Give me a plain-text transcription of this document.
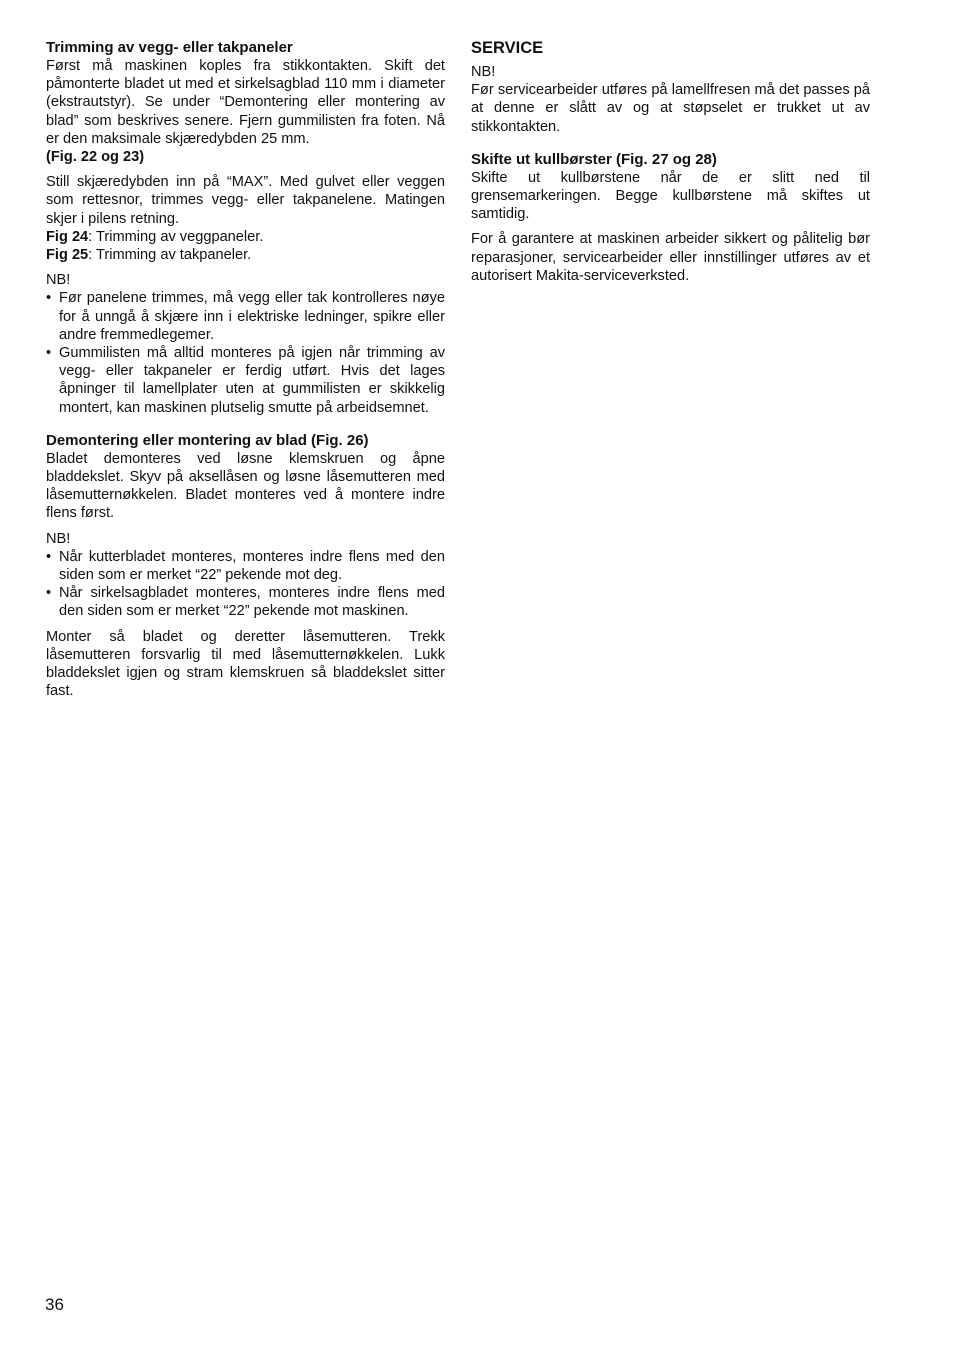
Trimming av vegg- eller takpaneler

Først må maskinen koples fra stikkontakten. Skift det påmonterte bladet ut med et sirkelsagblad 110 mm i diameter (ekstrautstyr). Se under “Demontering eller montering av blad” som beskrives senere. Fjern gummilisten fra foten. Nå er den maksimale skjæredybden 25 mm.
(Fig. 22 og 23)

Still skjæredybden inn på “MAX”. Med gulvet eller veggen som rettesnor, trimmes vegg- eller takpanelene. Matingen skjer i pilens retning.

Fig 24: Trimming av veggpaneler.

Fig 25: Trimming av takpaneler.

NB!

• Før panelene trimmes, må vegg eller tak kontrolleres nøye for å unngå å skjære inn i elektriske ledninger, spikre eller andre fremmedlegemer.
• Gummilisten må alltid monteres på igjen når trimming av vegg- eller takpaneler er ferdig utført. Hvis det lages åpninger til lamellplater uten at gummilisten er skikkelig montert, kan maskinen plutselig smutte på arbeidsemnet.

Demontering eller montering av blad (Fig. 26)

Bladet demonteres ved løsne klemskruen og åpne bladdekslet. Skyv på aksellåsen og løsne låsemutteren med låsemutternøkkelen. Bladet monteres ved å montere indre flens først.

NB!

• Når kutterbladet monteres, monteres indre flens med den siden som er merket “22” pekende mot deg.
• Når sirkelsagbladet monteres, monteres indre flens med den siden som er merket “22” pekende mot maskinen.

Monter så bladet og deretter låsemutteren. Trekk låsemutteren forsvarlig til med låsemutternøkkelen. Lukk bladdekslet igjen og stram klemskruen så bladdekslet sitter fast.

SERVICE

NB!

Før servicearbeider utføres på lamellfresen må det passes på at denne er slått av og at støpselet er trukket ut av stikkontakten.

Skifte ut kullbørster (Fig. 27 og 28)

Skifte ut kullbørstene når de er slitt ned til grensemarkeringen. Begge kullbørstene må skiftes ut samtidig.

For å garantere at maskinen arbeider sikkert og pålitelig bør reparasjoner, servicearbeider eller innstillinger utføres av et autorisert Makita-serviceverksted.

36
